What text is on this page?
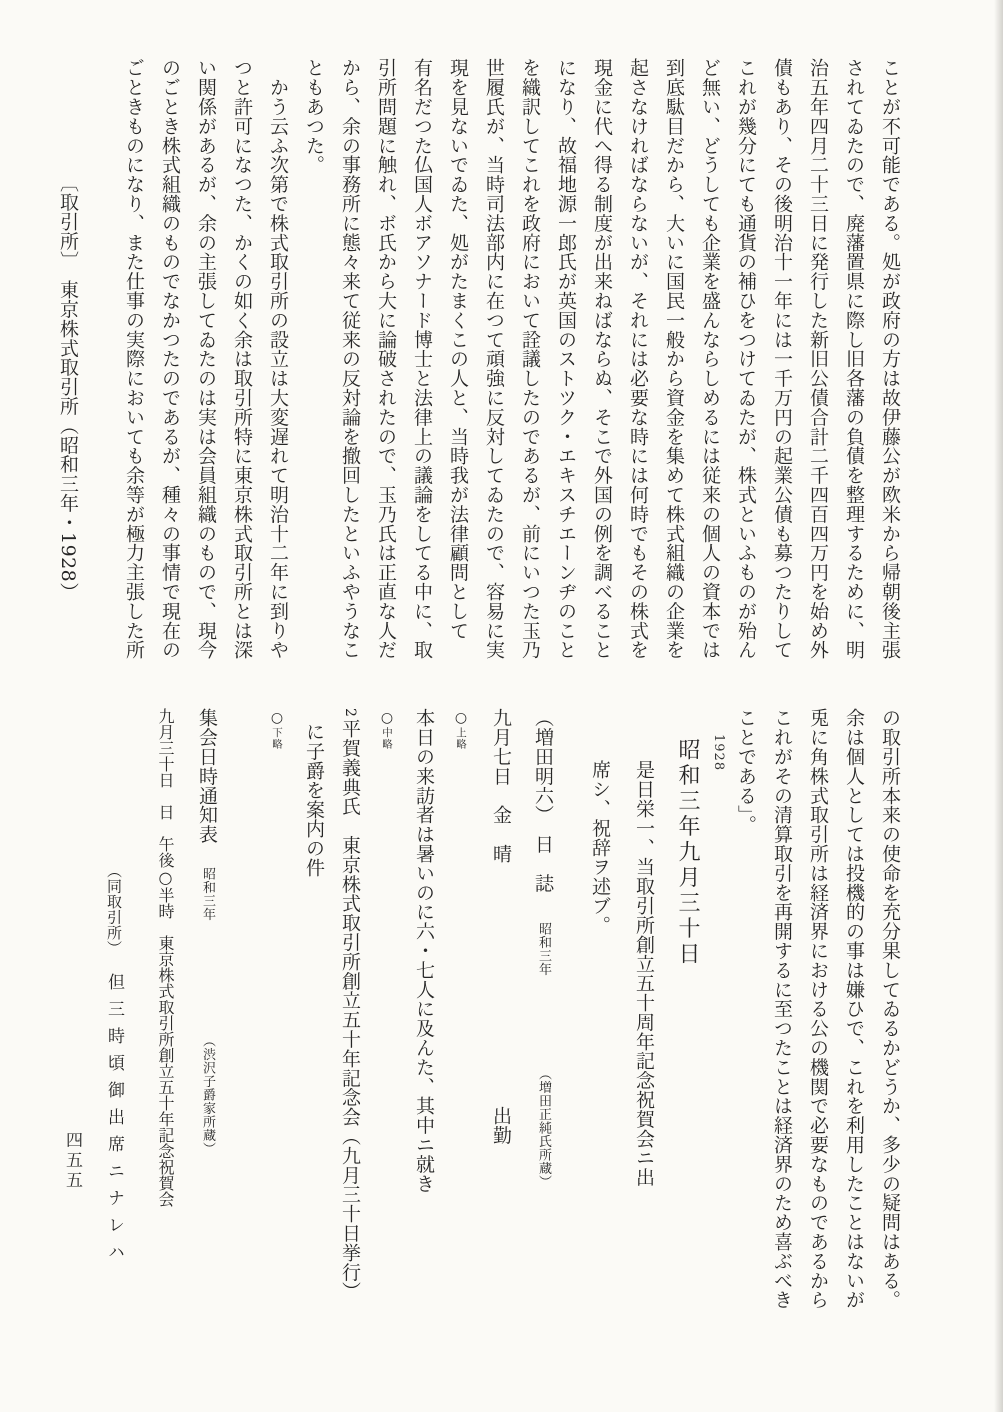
ことが不可能である。処が政府の方は故伊藤公が欧米から帰朝後主張

されてゐたので、廃藩置県に際し旧各藩の負債を整理するために、明

治五年四月二十三日に発行した新旧公債合計二千四百四万円を始め外

債もあり、その後明治十一年には一千万円の起業公債も募つたりして

これが幾分にても通貨の補ひをつけてゐたが、株式といふものが殆ん

ど無い、どうしても企業を盛んならしめるには従来の個人の資本では

到底駄目だから、大いに国民一般から資金を集めて株式組織の企業を

起さなければならないが、それには必要な時には何時でもその株式を

現金に代へ得る制度が出来ねばならぬ、そこで外国の例を調べること

になり、故福地源一郎氏が英国のストツク・エキスチエーンヂのこと

を織訳してこれを政府において詮議したのであるが、前にいつた玉乃

世履氏が、当時司法部内に在つて頑強に反対してゐたので、容易に実

現を見ないでゐた、処がたまくこの人と、当時我が法律顧問として

有名だつた仏国人ボアソナード博士と法律上の議論をしてる中に、取

引所問題に触れ、ボ氏から大に論破されたので、玉乃氏は正直な人だ

から、余の事務所に態々来て従来の反対論を撤回したといふやうなこ

ともあつた。

　かう云ふ次第で株式取引所の設立は大変遅れて明治十二年に到りや

つと許可になつた、かくの如く余は取引所特に東京株式取引所とは深

い関係があるが、余の主張してゐたのは実は会員組織のもので、現今

のごとき株式組織のものでなかつたのであるが、種々の事情で現在の

ごときものになり、また仕事の実際においても余等が極力主張した所

〔取引所〕　東京株式取引所（昭和三年・1928）

の取引所本来の使命を充分果してゐるかどうか、多少の疑問はある。

余は個人としては投機的の事は嫌ひで、これを利用したことはないが

兎に角株式取引所は経済界における公の機関で必要なものであるから

これがその清算取引を再開するに至つたことは経済界のため喜ぶべき

ことである」。

1928

昭和三年九月三十日

是日栄一、当取引所創立五十周年記念祝賀会ニ出

席シ、祝辞ヲ述ブ。

（増田明六）　日　誌 昭和三年 （増田正純氏所蔵）

九月七日　金　晴 出勤

○上略

本日の来訪者は暑いのに六・七人に及んた、其中ニ就き

○中略

2平賀義典氏　東京株式取引所創立五十年記念会（九月三十日挙行）

に子爵を案内の件

○下略

集会日時通知表 昭和三年 （渋沢子爵家所蔵）

九月三十日　日　午後○半時　東京株式取引所創立五十年記念祝賀会

（同取引所） 但三時頃御出席ニナレハ

四五五
